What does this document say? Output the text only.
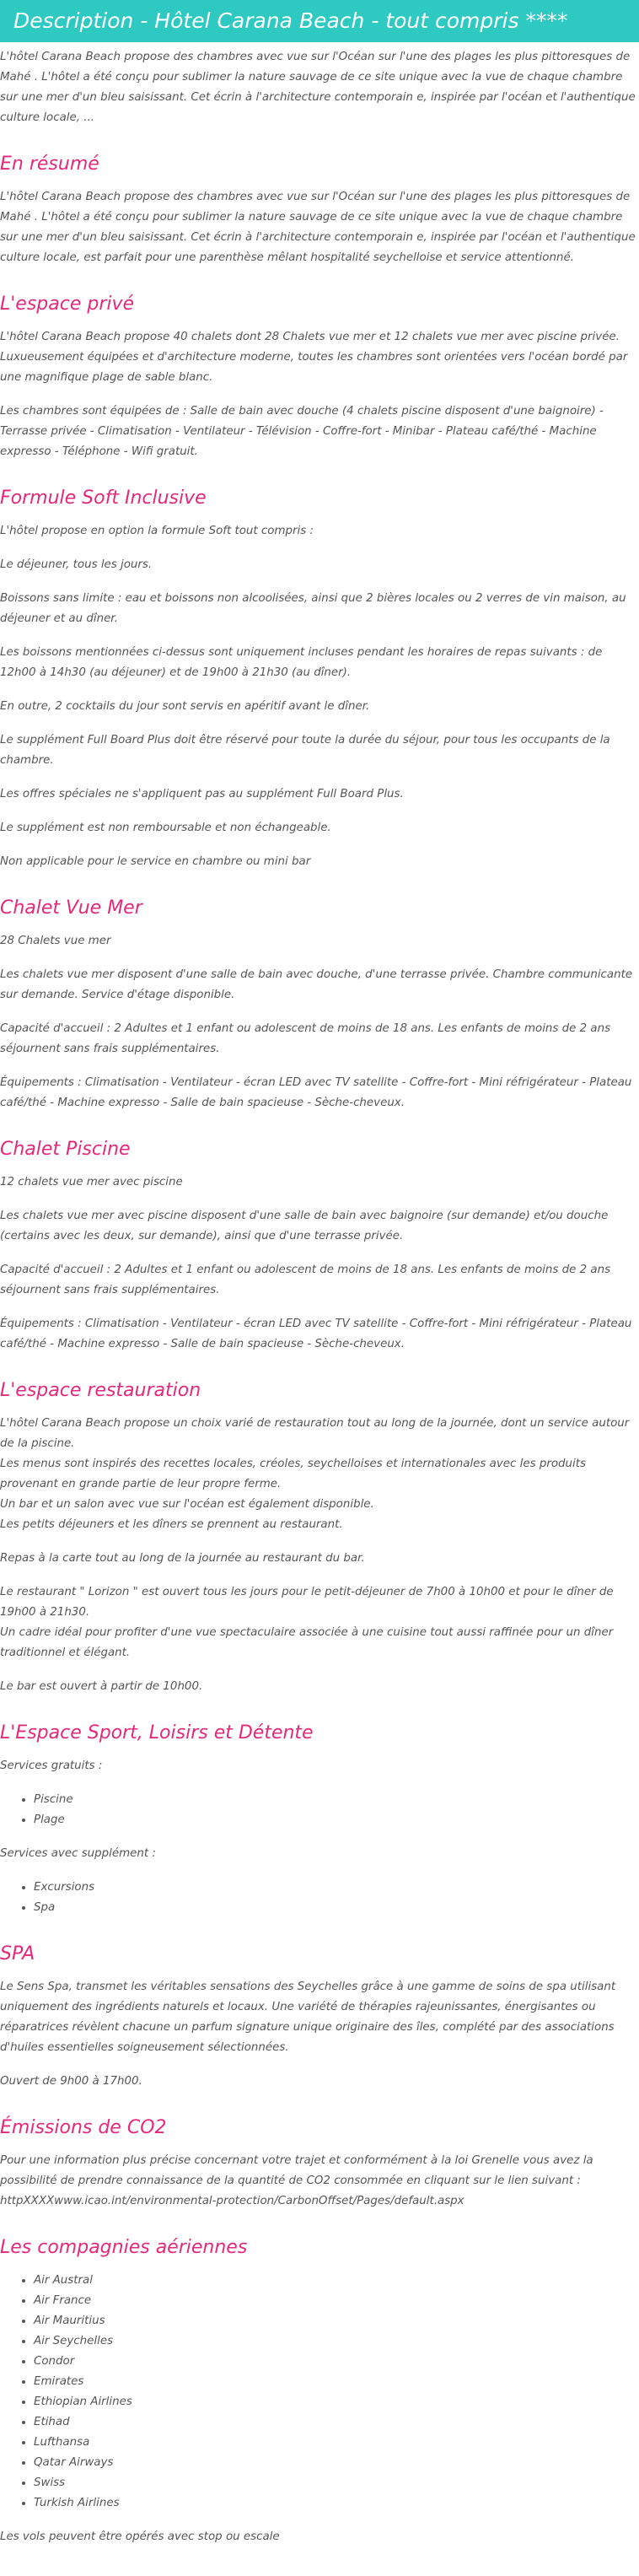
Description - Hôtel Carana Beach - tout compris ****

L'hôtel Carana Beach propose des chambres avec vue sur l'Océan sur l'une des plages les plus pittoresques de Mahé . L'hôtel a été conçu pour sublimer la nature sauvage de ce site unique avec la vue de chaque chambre sur une mer d'un bleu saisissant. Cet écrin à l'architecture contemporain e, inspirée par l'océan et l'authentique culture locale, ...

En résumé

L'hôtel Carana Beach propose des chambres avec vue sur l'Océan sur l'une des plages les plus pittoresques de Mahé . L'hôtel a été conçu pour sublimer la nature sauvage de ce site unique avec la vue de chaque chambre sur une mer d'un bleu saisissant. Cet écrin à l'architecture contemporain e, inspirée par l'océan et l'authentique culture locale, est parfait pour une parenthèse mêlant hospitalité seychelloise et service attentionné.

L'espace privé

L'hôtel Carana Beach propose 40 chalets dont 28 Chalets vue mer et 12 chalets vue mer avec piscine privée. Luxueusement équipées et d'architecture moderne, toutes les chambres sont orientées vers l'océan bordé par une magnifique plage de sable blanc.

Les chambres sont équipées de : Salle de bain avec douche (4 chalets piscine disposent d'une baignoire) - Terrasse privée - Climatisation - Ventilateur - Télévision - Coffre-fort - Minibar - Plateau café/thé - Machine expresso - Téléphone - Wifi gratuit.

Formule Soft Inclusive

L'hôtel propose en option la formule Soft tout compris :

Le déjeuner, tous les jours.

Boissons sans limite : eau et boissons non alcoolisées, ainsi que 2 bières locales ou 2 verres de vin maison, au déjeuner et au dîner.

Les boissons mentionnées ci-dessus sont uniquement incluses pendant les horaires de repas suivants : de 12h00 à 14h30 (au déjeuner) et de 19h00 à 21h30 (au dîner).

En outre, 2 cocktails du jour sont servis en apéritif avant le dîner.

Le supplément Full Board Plus doit être réservé pour toute la durée du séjour, pour tous les occupants de la chambre.

Les offres spéciales ne s'appliquent pas au supplément Full Board Plus.

Le supplément est non remboursable et non échangeable.

Non applicable pour le service en chambre ou mini bar

Chalet Vue Mer

28 Chalets vue mer

Les chalets vue mer disposent d'une salle de bain avec douche, d'une terrasse privée. Chambre communicante sur demande. Service d'étage disponible.

Capacité d'accueil : 2 Adultes et 1 enfant ou adolescent de moins de 18 ans. Les enfants de moins de 2 ans séjournent sans frais supplémentaires.

Équipements : Climatisation - Ventilateur - écran LED avec TV satellite - Coffre-fort - Mini réfrigérateur - Plateau café/thé - Machine expresso - Salle de bain spacieuse - Sèche-cheveux.

Chalet Piscine

12 chalets vue mer avec piscine

Les chalets vue mer avec piscine disposent d'une salle de bain avec baignoire (sur demande) et/ou douche (certains avec les deux, sur demande), ainsi que d'une terrasse privée.

Capacité d'accueil : 2 Adultes et 1 enfant ou adolescent de moins de 18 ans. Les enfants de moins de 2 ans séjournent sans frais supplémentaires.

Équipements : Climatisation - Ventilateur - écran LED avec TV satellite - Coffre-fort - Mini réfrigérateur - Plateau café/thé - Machine expresso - Salle de bain spacieuse - Sèche-cheveux.

L'espace restauration

L'hôtel Carana Beach propose un choix varié de restauration tout au long de la journée, dont un service autour de la piscine.
Les menus sont inspirés des recettes locales, créoles, seychelloises et internationales avec les produits provenant en grande partie de leur propre ferme.
Un bar et un salon avec vue sur l'océan est également disponible.
Les petits déjeuners et les dîners se prennent au restaurant.

Repas à la carte tout au long de la journée au restaurant du bar.

Le restaurant " Lorizon " est ouvert tous les jours pour le petit-déjeuner de 7h00 à 10h00 et pour le dîner de 19h00 à 21h30.
Un cadre idéal pour profiter d'une vue spectaculaire associée à une cuisine tout aussi raffinée pour un dîner traditionnel et élégant.

Le bar est ouvert à partir de 10h00.

L'Espace Sport, Loisirs et Détente

Services gratuits :

• Piscine
• Plage

Services avec supplément :

• Excursions
• Spa
SPA

Le Sens Spa, transmet les véritables sensations des Seychelles grâce à une gamme de soins de spa utilisant uniquement des ingrédients naturels et locaux. Une variété de thérapies rajeunissantes, énergisantes ou réparatrices révèlent chacune un parfum signature unique originaire des îles, complété par des associations d'huiles essentielles soigneusement sélectionnées.

Ouvert de 9h00 à 17h00.

Émissions de CO2

Pour une information plus précise concernant votre trajet et conformément à la loi Grenelle vous avez la possibilité de prendre connaissance de la quantité de CO2 consommée en cliquant sur le lien suivant : httpXXXXwww.icao.int/environmental-protection/CarbonOffset/Pages/default.aspx

Les compagnies aériennes
• Air Austral
• Air France
• Air Mauritius
• Air Seychelles
• Condor
• Emirates
• Ethiopian Airlines
• Etihad
• Lufthansa
• Qatar Airways
• Swiss
• Turkish Airlines

Les vols peuvent être opérés avec stop ou escale
